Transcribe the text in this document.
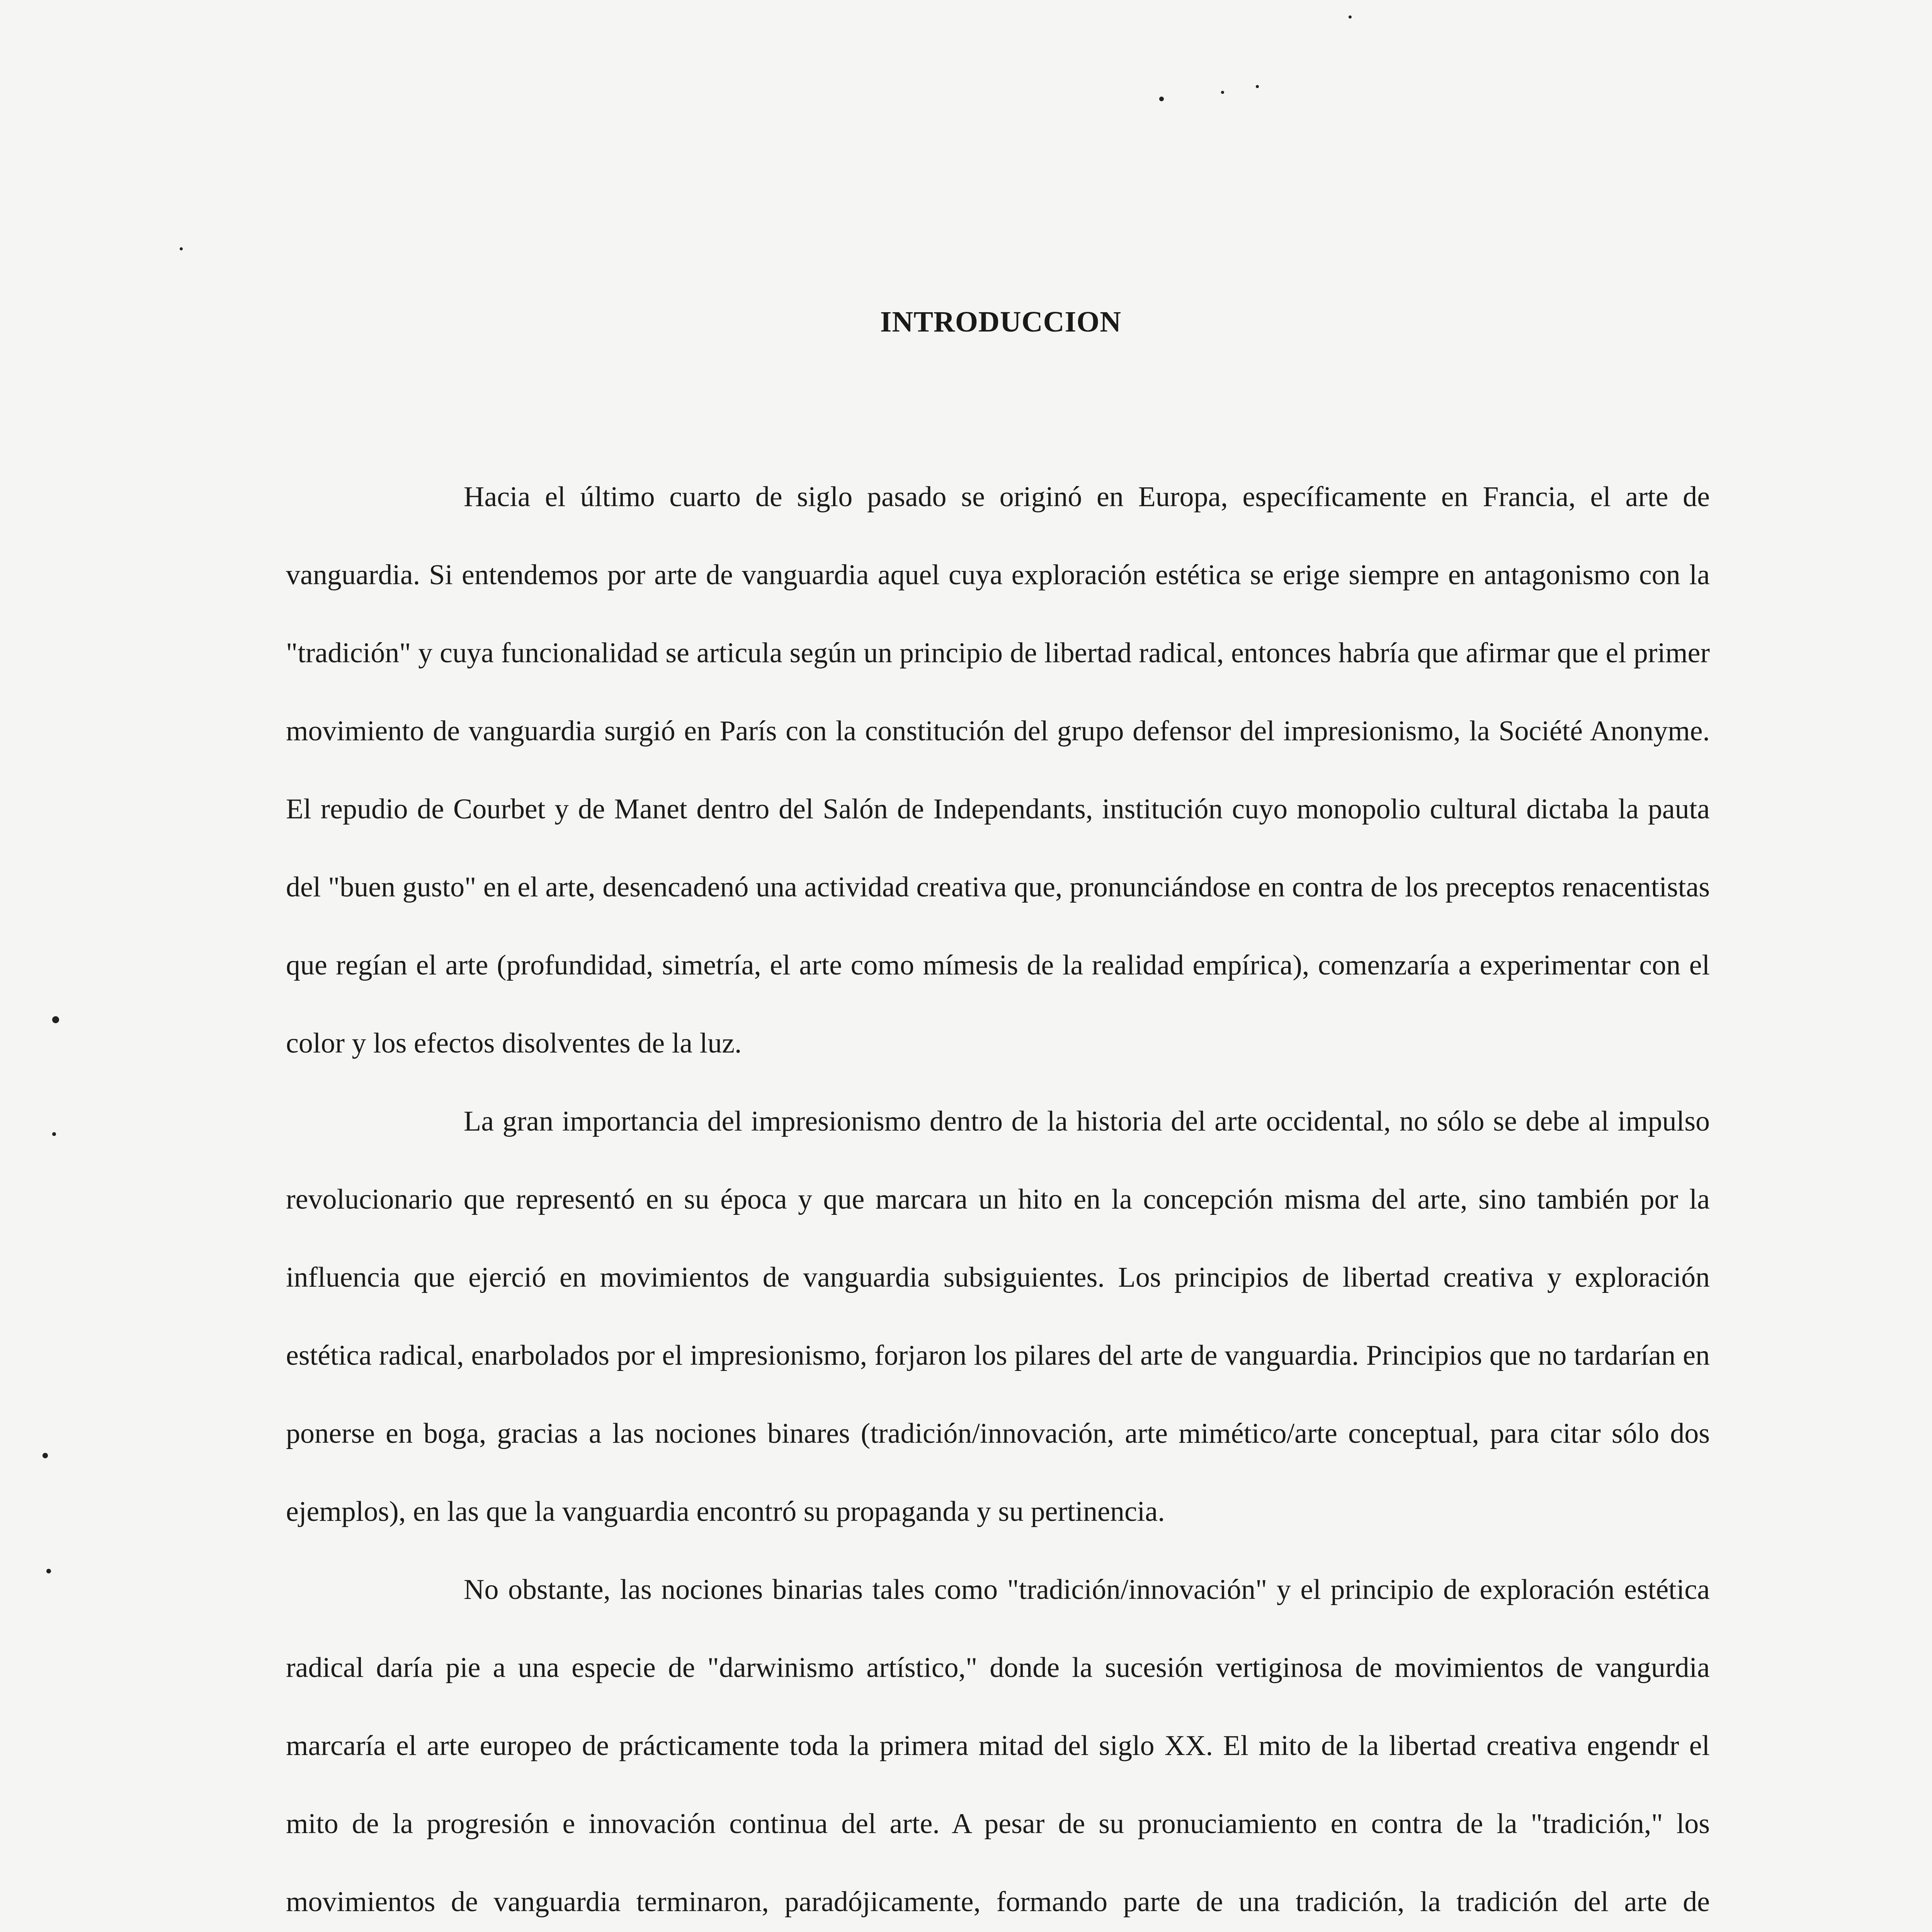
INTRODUCCION

Hacia el último cuarto de siglo pasado se originó en Europa, específicamente en Francia, el arte de vanguardia. Si entendemos por arte de vanguardia aquel cuya exploración estética se erige siempre en antagonismo con la "tradición" y cuya funcionalidad se articula según un principio de libertad radical, entonces habría que afirmar que el primer movimiento de vanguardia surgió en París con la constitución del grupo defensor del impresionismo, la Société Anonyme. El repudio de Courbet y de Manet dentro del Salón de Independants, institución cuyo monopolio cultural dictaba la pauta del "buen gusto" en el arte, desencadenó una actividad creativa que, pronunciándose en contra de los preceptos renacentistas que regían el arte (profundidad, simetría, el arte como mímesis de la realidad empírica), comenzaría a experimentar con el color y los efectos disolventes de la luz.

La gran importancia del impresionismo dentro de la historia del arte occidental, no sólo se debe al impulso revolucionario que representó en su época y que marcara un hito en la concepción misma del arte, sino también por la influencia que ejerció en movimientos de vanguardia subsiguientes. Los principios de libertad creativa y exploración estética radical, enarbolados por el impresionismo, forjaron los pilares del arte de vanguardia. Principios que no tardarían en ponerse en boga, gracias a las nociones binares (tradición/innovación, arte mimético/arte conceptual, para citar sólo dos ejemplos), en las que la vanguardia encontró su propaganda y su pertinencia.

No obstante, las nociones binarias tales como "tradición/innovación" y el principio de exploración estética radical daría pie a una especie de "darwinismo artístico," donde la sucesión vertiginosa de movimientos de vangurdia marcaría el arte europeo de prácticamente toda la primera mitad del siglo XX. El mito de la libertad creativa engendr el mito de la progresión e innovación continua del arte. A pesar de su pronuciamiento en contra de la "tradición," los movimientos de vanguardia terminaron, paradójicamente, formando parte de una tradición, la tradición del arte de
